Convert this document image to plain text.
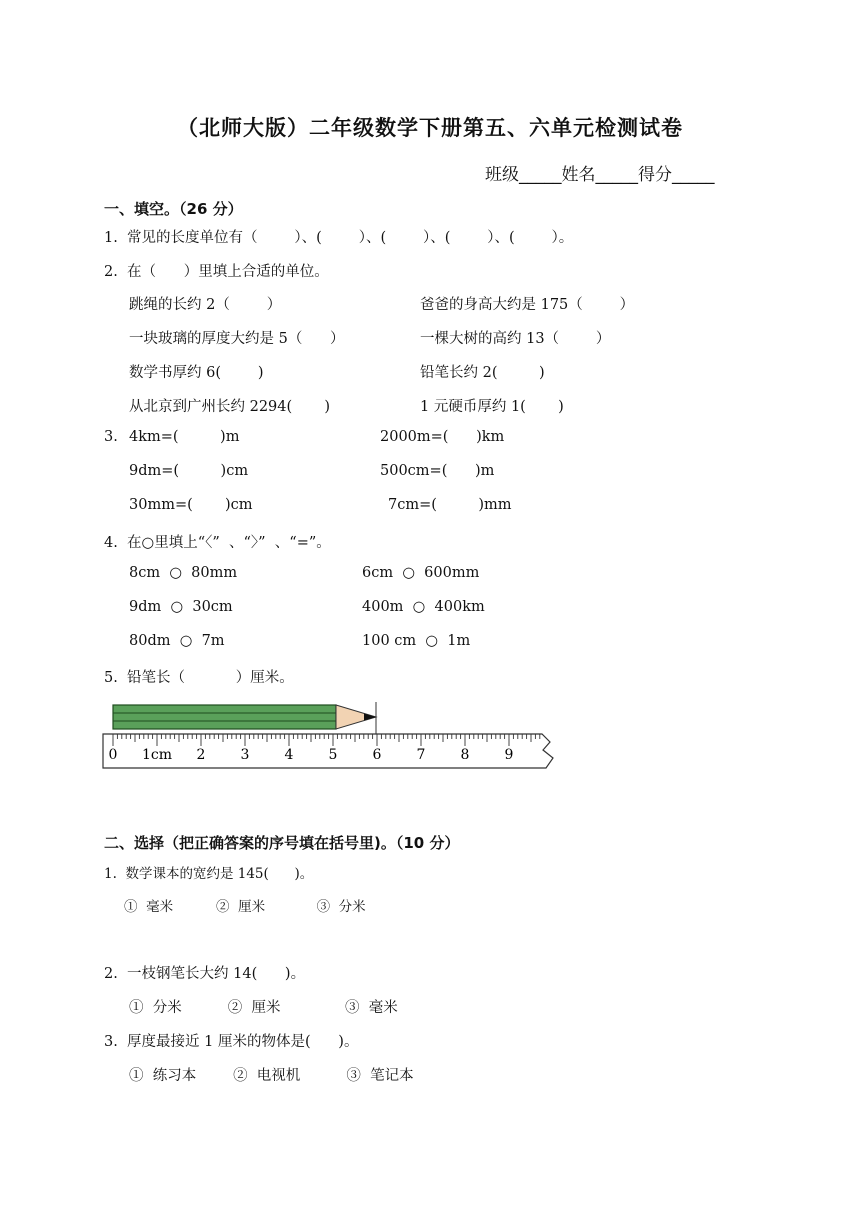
（北师大版）二年级数学下册第五、六单元检测试卷
班级_____姓名_____得分_____
一、填空。（26 分）
1.  常见的长度单位有（        ）、(        ）、(        ）、(        ）、(        ）。
2.  在（      ）里填上合适的单位。
跳绳的长约 2（        ）	爸爸的身高大约是 175（        ）
一块玻璃的厚度大约是 5（      ）	一棵大树的高约 13（        ）
数学书厚约 6(        )	铅笔长约 2(         )
从北京到广州长约 2294(       )	1 元硬币厚约 1(       )
3. 4km=(         )m	2000m=(      )km
9dm=(         )cm	500cm=(      )m
30mm=(       )cm	7cm=(         )mm
4.  在○里填上“〈”  、“〉”  、“=”。
8cm  ○  80mm	6cm  ○  600mm
9dm  ○  30cm	400m  ○  400km
80dm  ○  7m	100 cm  ○  1m
5.  铅笔长（           ）厘米。
0 1cm 2	3	4	5	6	7	8	9
二、选择（把正确答案的序号填在括号里)。（10 分）
1.  数学课本的宽约是 145(      )。
①  毫米          ②  厘米            ③  分米
2.  一枝钢笔长大约 14(      )。
①  分米          ②  厘米              ③  毫米
3.  厚度最接近 1 厘米的物体是(      )。
①  练习本        ②  电视机          ③  笔记本
